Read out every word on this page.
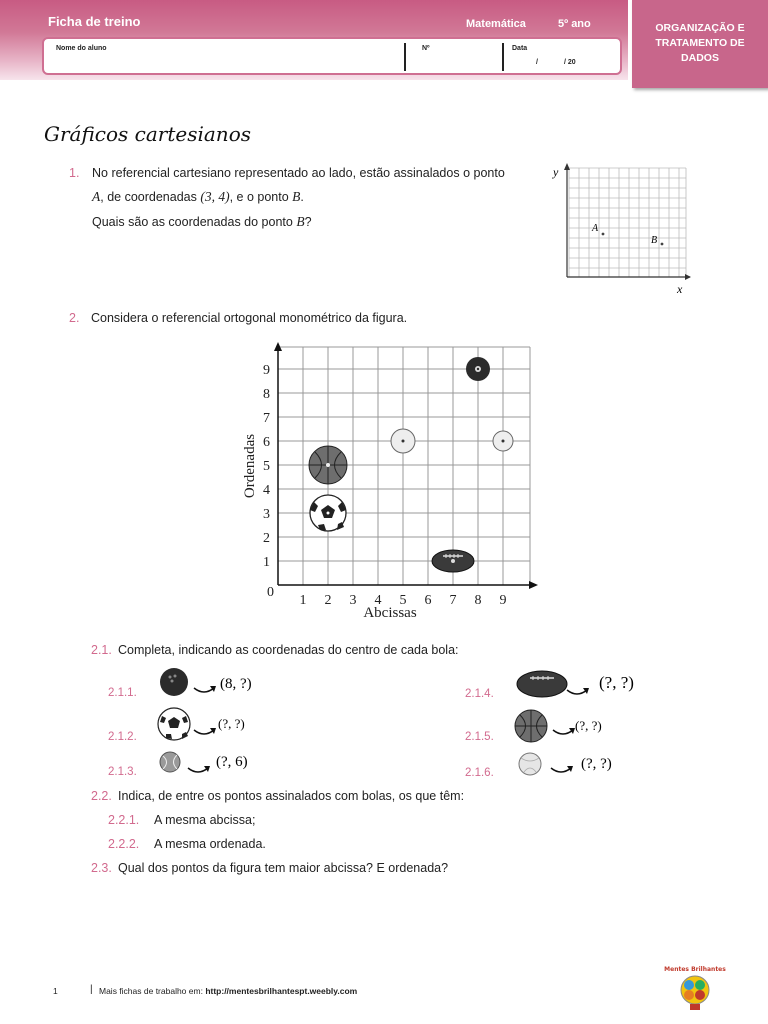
Ficha de treino	Matemática	5º ano
Nome do aluno	Nº	Data
/	/ 20
ORGANIZAÇÃO E
TRATAMENTO DE
DADOS
Gráficos cartesianos
1. No referencial cartesiano representado ao lado, estão assinalados o ponto
A, de coordenadas (3, 4), e o ponto B.
Quais são as coordenadas do ponto B?
y
x
A
B
2. Considera o referencial ortogonal monométrico da figura.
1 2 3 4 5 6 7 8 9
1
2
3
4
5
6
7
8
9
0
Abcissas
Ordenadas
2.1. Completa, indicando as coordenadas do centro de cada bola:
2.1.1.
(8, ?)
2.1.2.
(?, ?)
2.1.3.
(?, 6)
2.1.4.
(?, ?)
2.1.5.
(?, ?)
2.1.6.
(?, ?)
2.2. Indica, de entre os pontos assinalados com bolas, os que têm:
2.2.1. A mesma abcissa;
2.2.2. A mesma ordenada.
2.3. Qual dos pontos da figura tem maior abcissa? E ordenada?
1	| Mais fichas de trabalho em: http://mentesbrilhantespt.weebly.com
Mentes Brilhantes
